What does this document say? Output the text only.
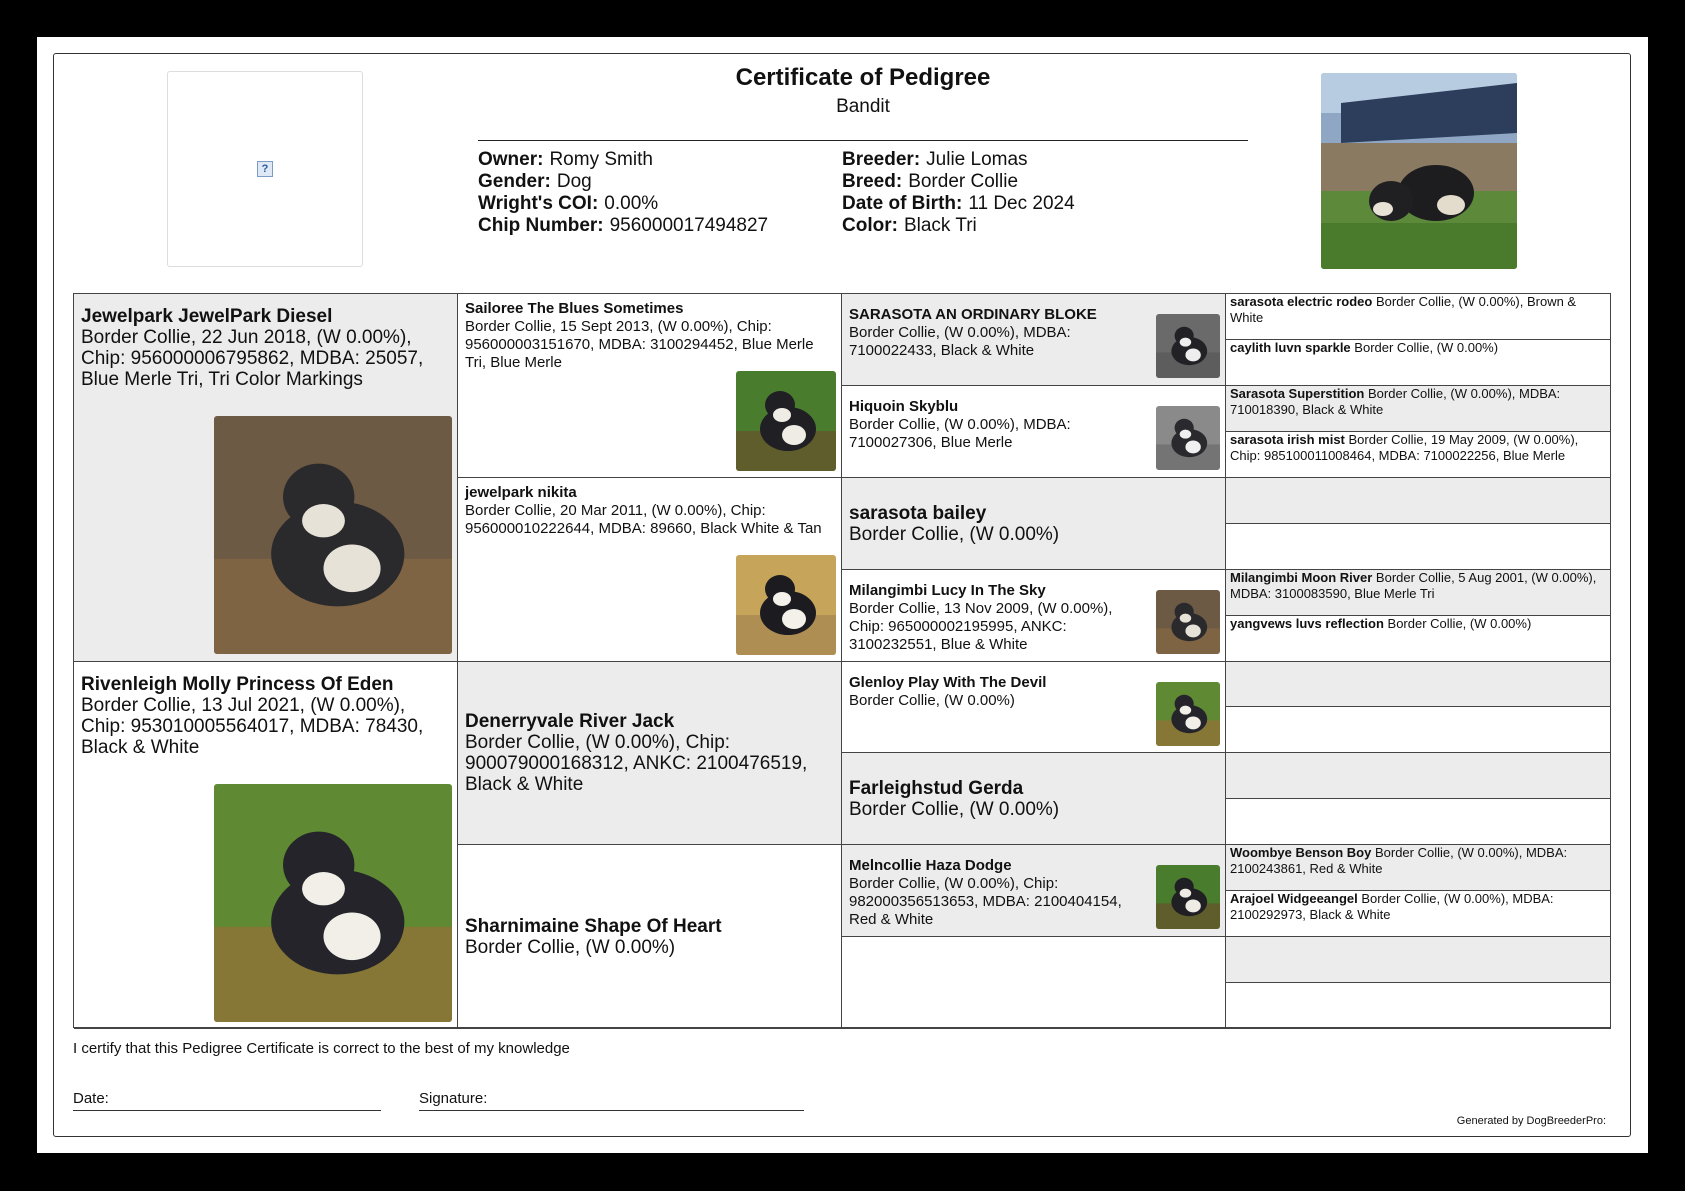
?
Certificate of Pedigree
Bandit
Owner: Romy Smith
Gender: Dog
Wright's COI: 0.00%
Chip Number: 956000017494827
Breeder: Julie Lomas
Breed: Border Collie
Date of Birth: 11 Dec 2024
Color: Black Tri
Jewelpark JewelPark Diesel
Border Collie, 22 Jun 2018, (W 0.00%), Chip: 956000006795862, MDBA: 25057, Blue Merle Tri, Tri Color Markings
Rivenleigh Molly Princess Of Eden
Border Collie, 13 Jul 2021, (W 0.00%), Chip: 953010005564017, MDBA: 78430, Black & White
Sailoree The Blues Sometimes
Border Collie, 15 Sept 2013, (W 0.00%), Chip: 956000003151670, MDBA: 3100294452, Blue Merle Tri, Blue Merle
jewelpark nikita
Border Collie, 20 Mar 2011, (W 0.00%), Chip: 956000010222644, MDBA: 89660, Black White & Tan
Denerryvale River Jack
Border Collie, (W 0.00%), Chip: 900079000168312, ANKC: 2100476519, Black & White
Sharnimaine Shape Of Heart
Border Collie, (W 0.00%)
SARASOTA AN ORDINARY BLOKE
Border Collie, (W 0.00%), MDBA: 7100022433, Black & White
Hiquoin Skyblu
Border Collie, (W 0.00%), MDBA: 7100027306, Blue Merle
sarasota bailey
Border Collie, (W 0.00%)
Milangimbi Lucy In The Sky
Border Collie, 13 Nov 2009, (W 0.00%), Chip: 965000002195995, ANKC: 3100232551, Blue & White
Glenloy Play With The Devil
Border Collie, (W 0.00%)
Farleighstud Gerda
Border Collie, (W 0.00%)
Melncollie Haza Dodge
Border Collie, (W 0.00%), Chip: 982000356513653, MDBA: 2100404154, Red & White
sarasota electric rodeo Border Collie, (W 0.00%), Brown & White
caylith luvn sparkle Border Collie, (W 0.00%)
Sarasota Superstition Border Collie, (W 0.00%), MDBA: 710018390, Black & White
sarasota irish mist Border Collie, 19 May 2009, (W 0.00%), Chip: 985100011008464, MDBA: 7100022256, Blue Merle
Milangimbi Moon River Border Collie, 5 Aug 2001, (W 0.00%), MDBA: 3100083590, Blue Merle Tri
yangvews luvs reflection Border Collie, (W 0.00%)
Woombye Benson Boy Border Collie, (W 0.00%), MDBA: 2100243861, Red & White
Arajoel Widgeeangel Border Collie, (W 0.00%), MDBA: 2100292973, Black & White
I certify that this Pedigree Certificate is correct to the best of my knowledge
Date:	Signature:
Generated by DogBreederPro:
